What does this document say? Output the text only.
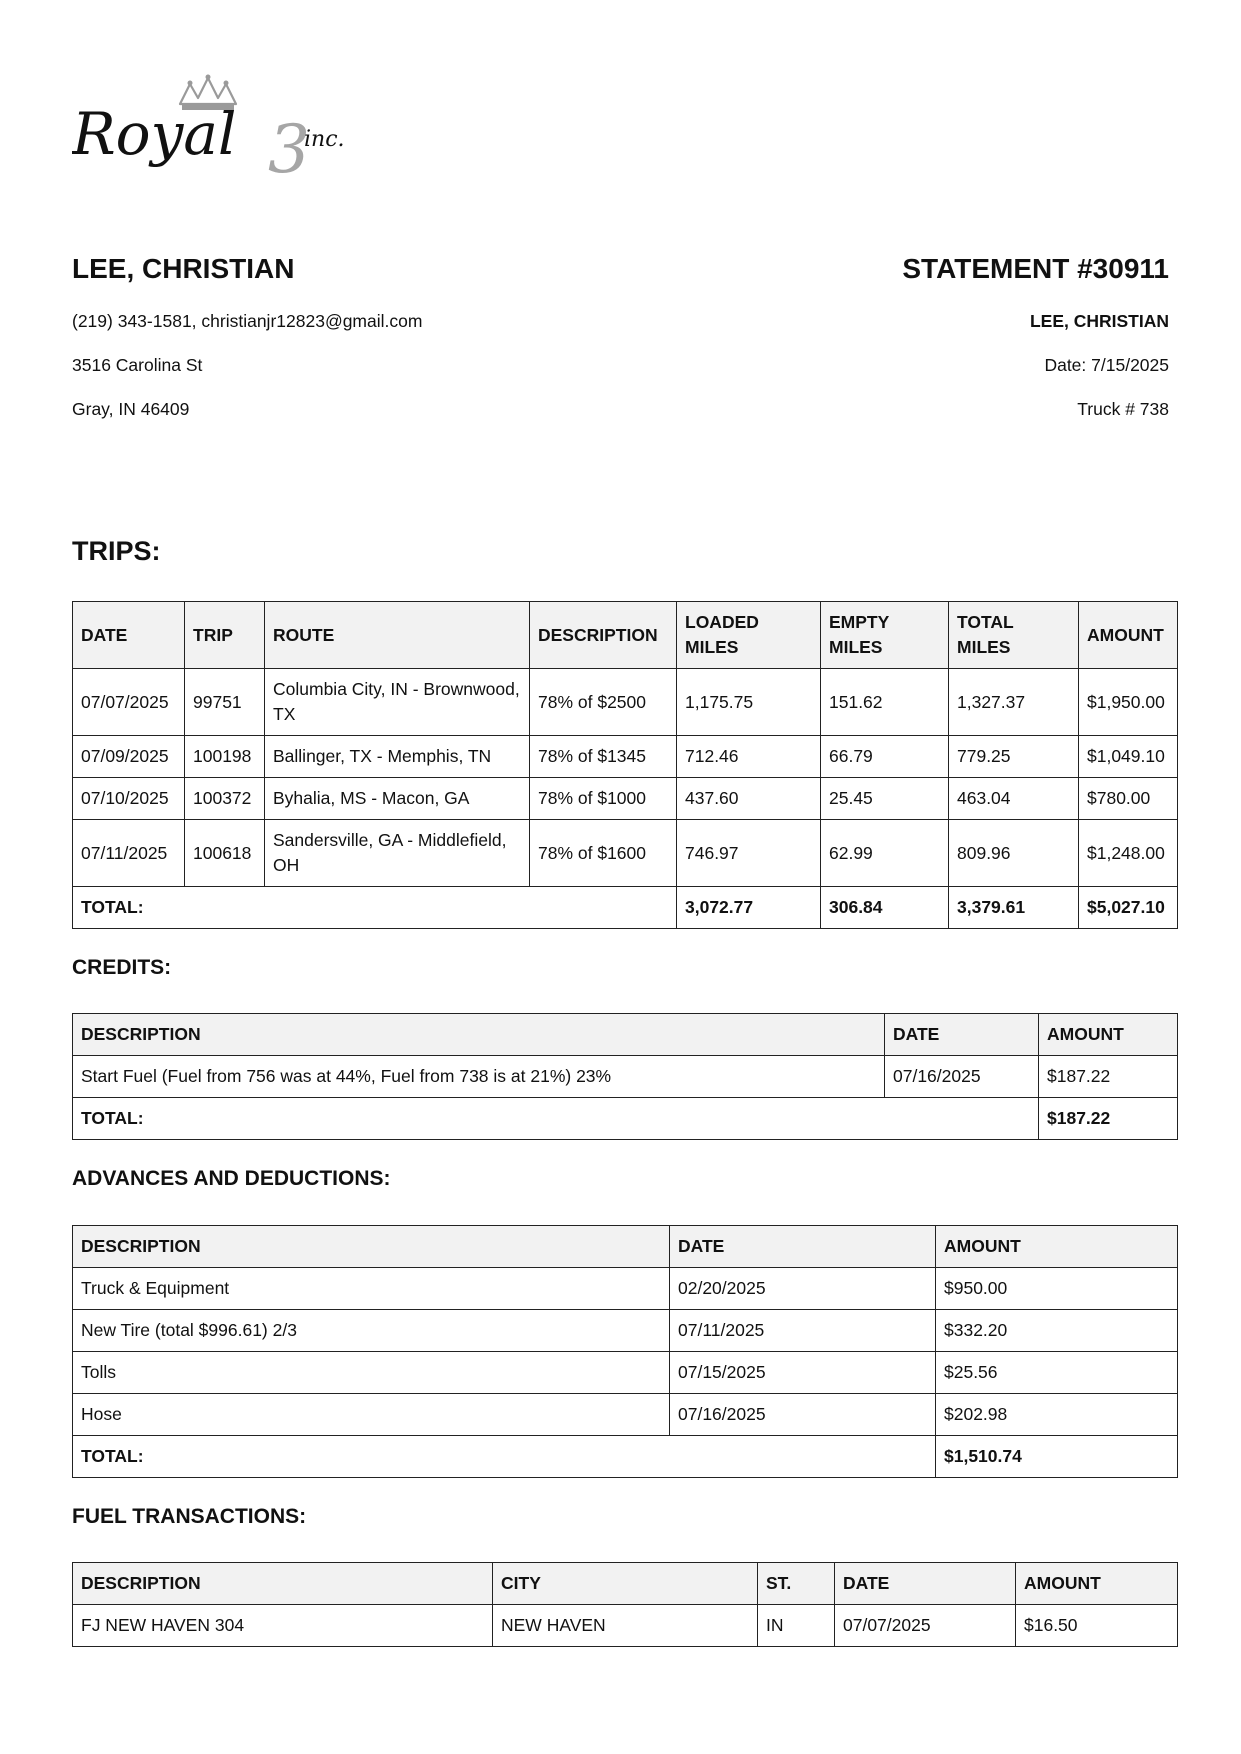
Royal 3
inc.
LEE, CHRISTIAN
(219) 343-1581, christianjr12823@gmail.com
3516 Carolina St
Gray, IN 46409
STATEMENT #30911
LEE, CHRISTIAN
Date: 7/15/2025
Truck # 738
TRIPS:
DATE	TRIP	ROUTE	DESCRIPTION	LOADED MILES	EMPTY MILES	TOTAL MILES	AMOUNT
07/07/2025	99751	Columbia City, IN - Brownwood, TX	78% of $2500	1,175.75	151.62	1,327.37	$1,950.00
07/09/2025	100198	Ballinger, TX - Memphis, TN	78% of $1345	712.46	66.79	779.25	$1,049.10
07/10/2025	100372	Byhalia, MS - Macon, GA	78% of $1000	437.60	25.45	463.04	$780.00
07/11/2025	100618	Sandersville, GA - Middlefield, OH	78% of $1600	746.97	62.99	809.96	$1,248.00
TOTAL:				3,072.77	306.84	3,379.61	$5,027.10
CREDITS:
DESCRIPTION	DATE	AMOUNT
Start Fuel (Fuel from 756 was at 44%, Fuel from 738 is at 21%) 23%	07/16/2025	$187.22
TOTAL:		$187.22
ADVANCES AND DEDUCTIONS:
DESCRIPTION	DATE	AMOUNT
Truck & Equipment	02/20/2025	$950.00
New Tire (total $996.61) 2/3	07/11/2025	$332.20
Tolls	07/15/2025	$25.56
Hose	07/16/2025	$202.98
TOTAL:		$1,510.74
FUEL TRANSACTIONS:
DESCRIPTION	CITY	ST.	DATE	AMOUNT
FJ NEW HAVEN 304	NEW HAVEN	IN	07/07/2025	$16.50
